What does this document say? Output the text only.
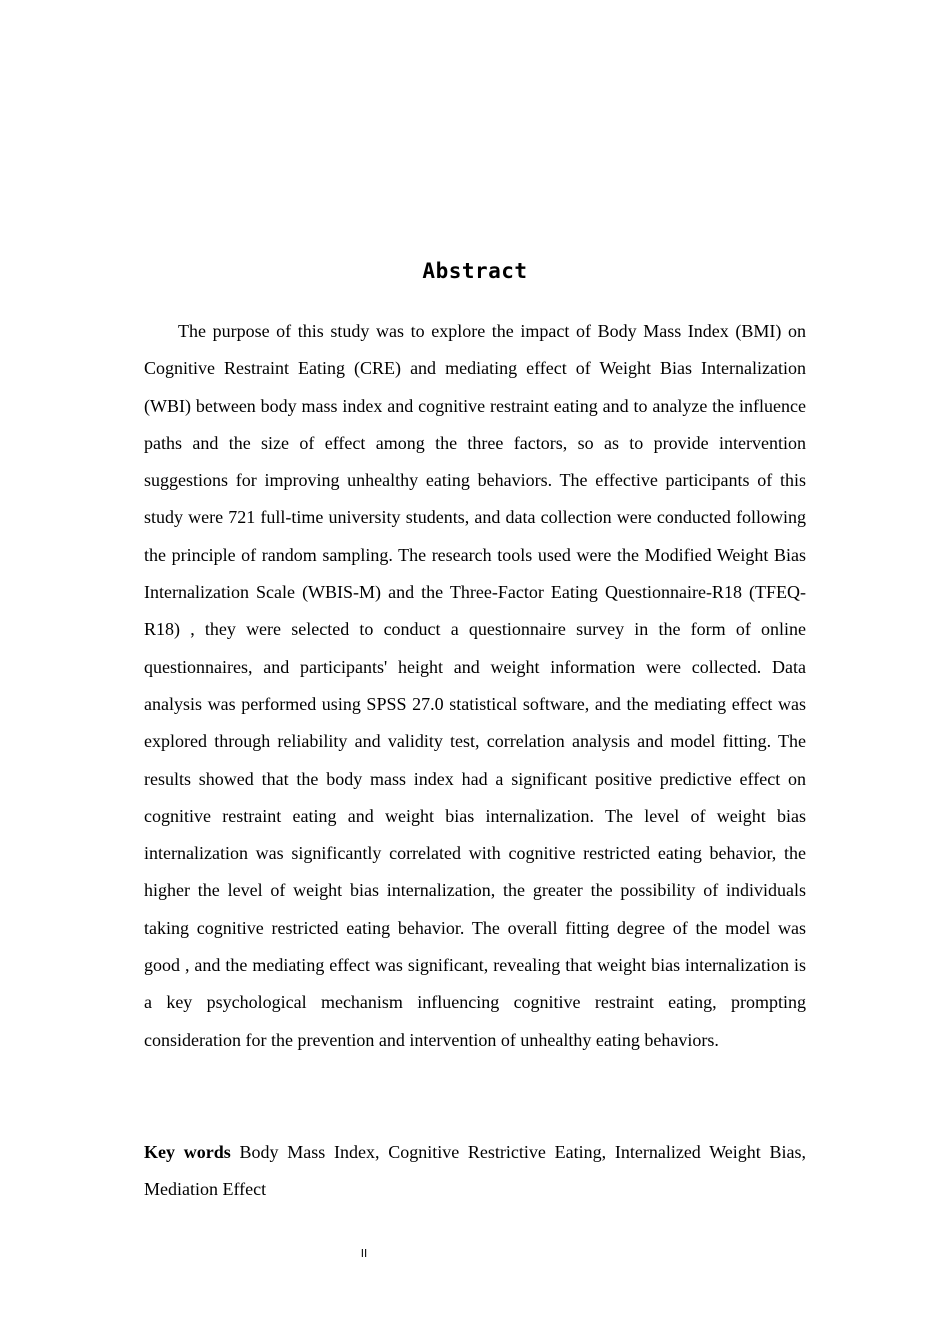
Abstract

The purpose of this study was to explore the impact of Body Mass Index (BMI) on Cognitive Restraint Eating (CRE) and mediating effect of Weight Bias Internalization (WBI) between body mass index and cognitive restraint eating and to analyze the influence paths and the size of effect among the three factors, so as to provide intervention suggestions for improving unhealthy eating behaviors. The effective participants of this study were 721 full-time university students, and data collection were conducted following the principle of random sampling. The research tools used were the Modified Weight Bias Internalization Scale (WBIS-M) and the Three-Factor Eating Questionnaire-R18 (TFEQ-R18) , they were selected to conduct a questionnaire survey in the form of online questionnaires, and participants' height and weight information were collected. Data analysis was performed using SPSS 27.0 statistical software, and the mediating effect was explored through reliability and validity test, correlation analysis and model fitting. The results showed that the body mass index had a significant positive predictive effect on cognitive restraint eating and weight bias internalization. The level of weight bias internalization was significantly correlated with cognitive restricted eating behavior, the higher the level of weight bias internalization, the greater the possibility of individuals taking cognitive restricted eating behavior. The overall fitting degree of the model was good , and the mediating effect was significant, revealing that weight bias internalization is a key psychological mechanism influencing cognitive restraint eating, prompting consideration for the prevention and intervention of unhealthy eating behaviors.

Key words Body Mass Index, Cognitive Restrictive Eating, Internalized Weight Bias, Mediation Effect

II
